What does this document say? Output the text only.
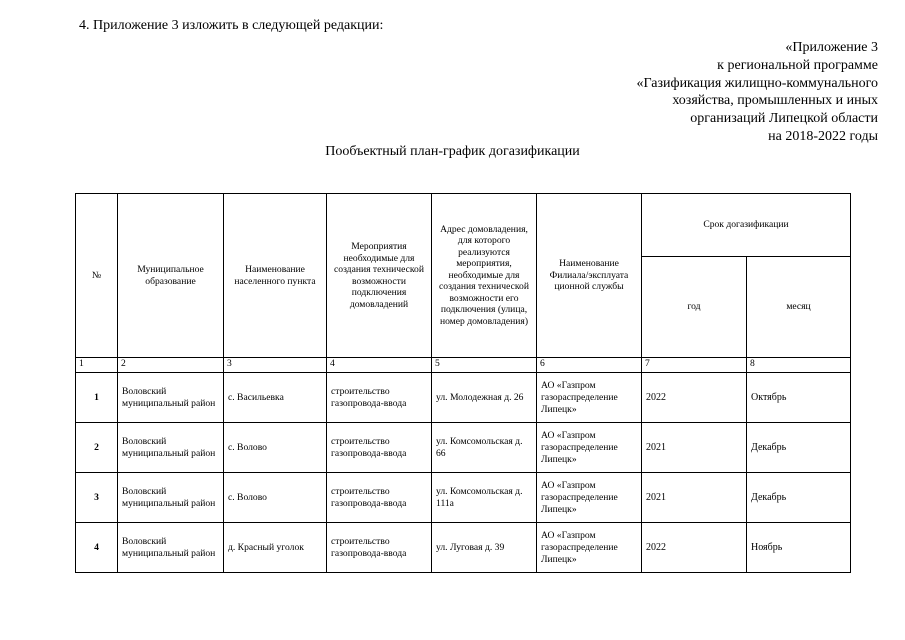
4. Приложение 3 изложить в следующей редакции:
«Приложение 3
к региональной программе
«Газификация жилищно-коммунального
хозяйства, промышленных и иных
организаций Липецкой области
на 2018-2022 годы
Пообъектный план-график догазификации
№	Муниципальное образование	Наименование населенного пункта	Мероприятия необходимые для создания технической возможности подключения домовладений	Адрес домовладения, для которого реализуются мероприятия, необходимые для создания технической возможности его подключения (улица, номер домовладения)	Наименование Филиала/эксплуата ционной службы	Срок догазификации	
						год	месяц
1	2	3	4	5	6	7	8
1	Воловский муниципальный район	с. Васильевка	строительство газопровода-ввода	ул. Молодежная д. 26	АО «Газпром газораспределение Липецк»	2022	Октябрь
2	Воловский муниципальный район	с. Волово	строительство газопровода-ввода	ул. Комсомольская д. 66	АО «Газпром газораспределение Липецк»	2021	Декабрь
3	Воловский муниципальный район	с. Волово	строительство газопровода-ввода	ул. Комсомольская д. 111а	АО «Газпром газораспределение Липецк»	2021	Декабрь
4	Воловский муниципальный район	д. Красный уголок	строительство газопровода-ввода	ул. Луговая д. 39	АО «Газпром газораспределение Липецк»	2022	Ноябрь
